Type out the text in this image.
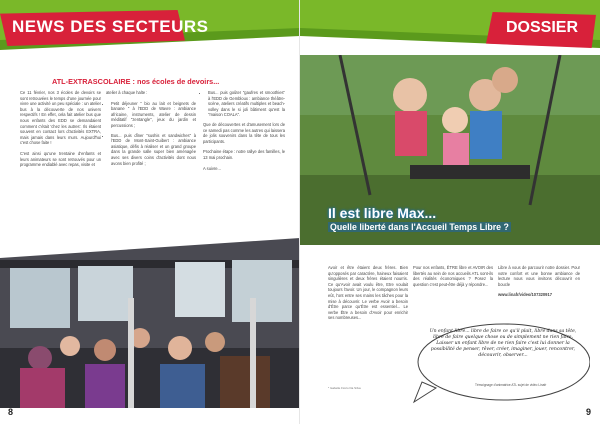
NEWS DES SECTEURS
ATL-EXTRASCOLAIRE : nos écoles de devoirs...

Ce 11 février, nos 3 écoles de devoirs se sont retrouvées le temps d'une journée pour vivre une activité un peu spéciale : un atelier bus à la découverte de nos univers respectifs ! En effet, cela fait atelier bus que nous enfants des EDD se demandaient comment c'était 'chez les autres'. Ils étaient souvent en contact lors d'activités EXTRA, mais jamais dans leurs murs. Aujourd'hui c'est chose faite !

C'est ainsi qu'une trentaine d'enfants et leurs animateurs se sont retrouvés pour un programme endiablé avec repas, visite et

atelier à chaque halte :

• Petit déjeuner " bio au lait et beignets de banane " à l'EDD de Wavre : ambiance africaine, instruments, atelier de dessin méditatif "zentangle", jeux du jardin et percussions ;
• Bus... puis dîner "sushis et sandwiches" à l'EDD de Mont-Saint-Guibert : ambiance asiatique, défis à réaliser et un grand groupe dans la grande salle super bien aménagée avec ses divers coins d'activités dont nous avons bien profité ;
• Bus... puis goûter "gaufres et smoothies" à l'EDD de Gembloux : ambiance théâtre-scène, ateliers créatifs multiples et beach-volley dans le si joli bâtiment qu'est la "maison COALA".

Que de découvertes et d'amusement lors de ce samedi pas comme les autres qui laissera de jolis souvenirs dans la tête de tous les participants.

Prochaine étape : notre rallye des familles, le 13 mai prochain.

A suivre...

8
DOSSIER
Il est libre Max...
Quelle liberté dans l'Accueil Temps Libre ?

Avoir et être étaient deux frères. Bien qu'opposés par caractère, haineux faisaient singulières et deux frères étaient nourris. Ce qu'Avoir avait voulu être, Etre voulait toujours l'avoir. Un jour, le compagnon leurs eût, l'ont entre ses mains les tâches pour la mise à découvrir. Le verbe Avoir a besoin d'Être parce qu'Être est essentiel... Le verbe Être a besoin d'Avoir pour enrichir ses nombreuses...

Pour nos enfants, ÊTRE libre et AVOIR des libertés au sein de nos accueils ATL sont-ils des réalités économiques ? Posez la question c'est peut-être déjà y répondre...

Libre à vous de parcourir notre dossier. Pour votre confort et une bonne ambiance de lecture nous vous invitons découvrir en boucle

www.linafr/video/107320917

Un enfant libre... libre de faire ce qu'il plait, libre dans sa tête, libre de faire quelque chose ou de simplement ne rien faire. Laisser un enfant libre de ne rien faire c'est lui donner la possibilité de penser, rêver, créer, imaginer, jouer, rencontrer, découvrir, observer...
Témoignage d'animatrice ATL sujet de vidéo Linafr
* Isabelle Fiorio Da Silva
9
